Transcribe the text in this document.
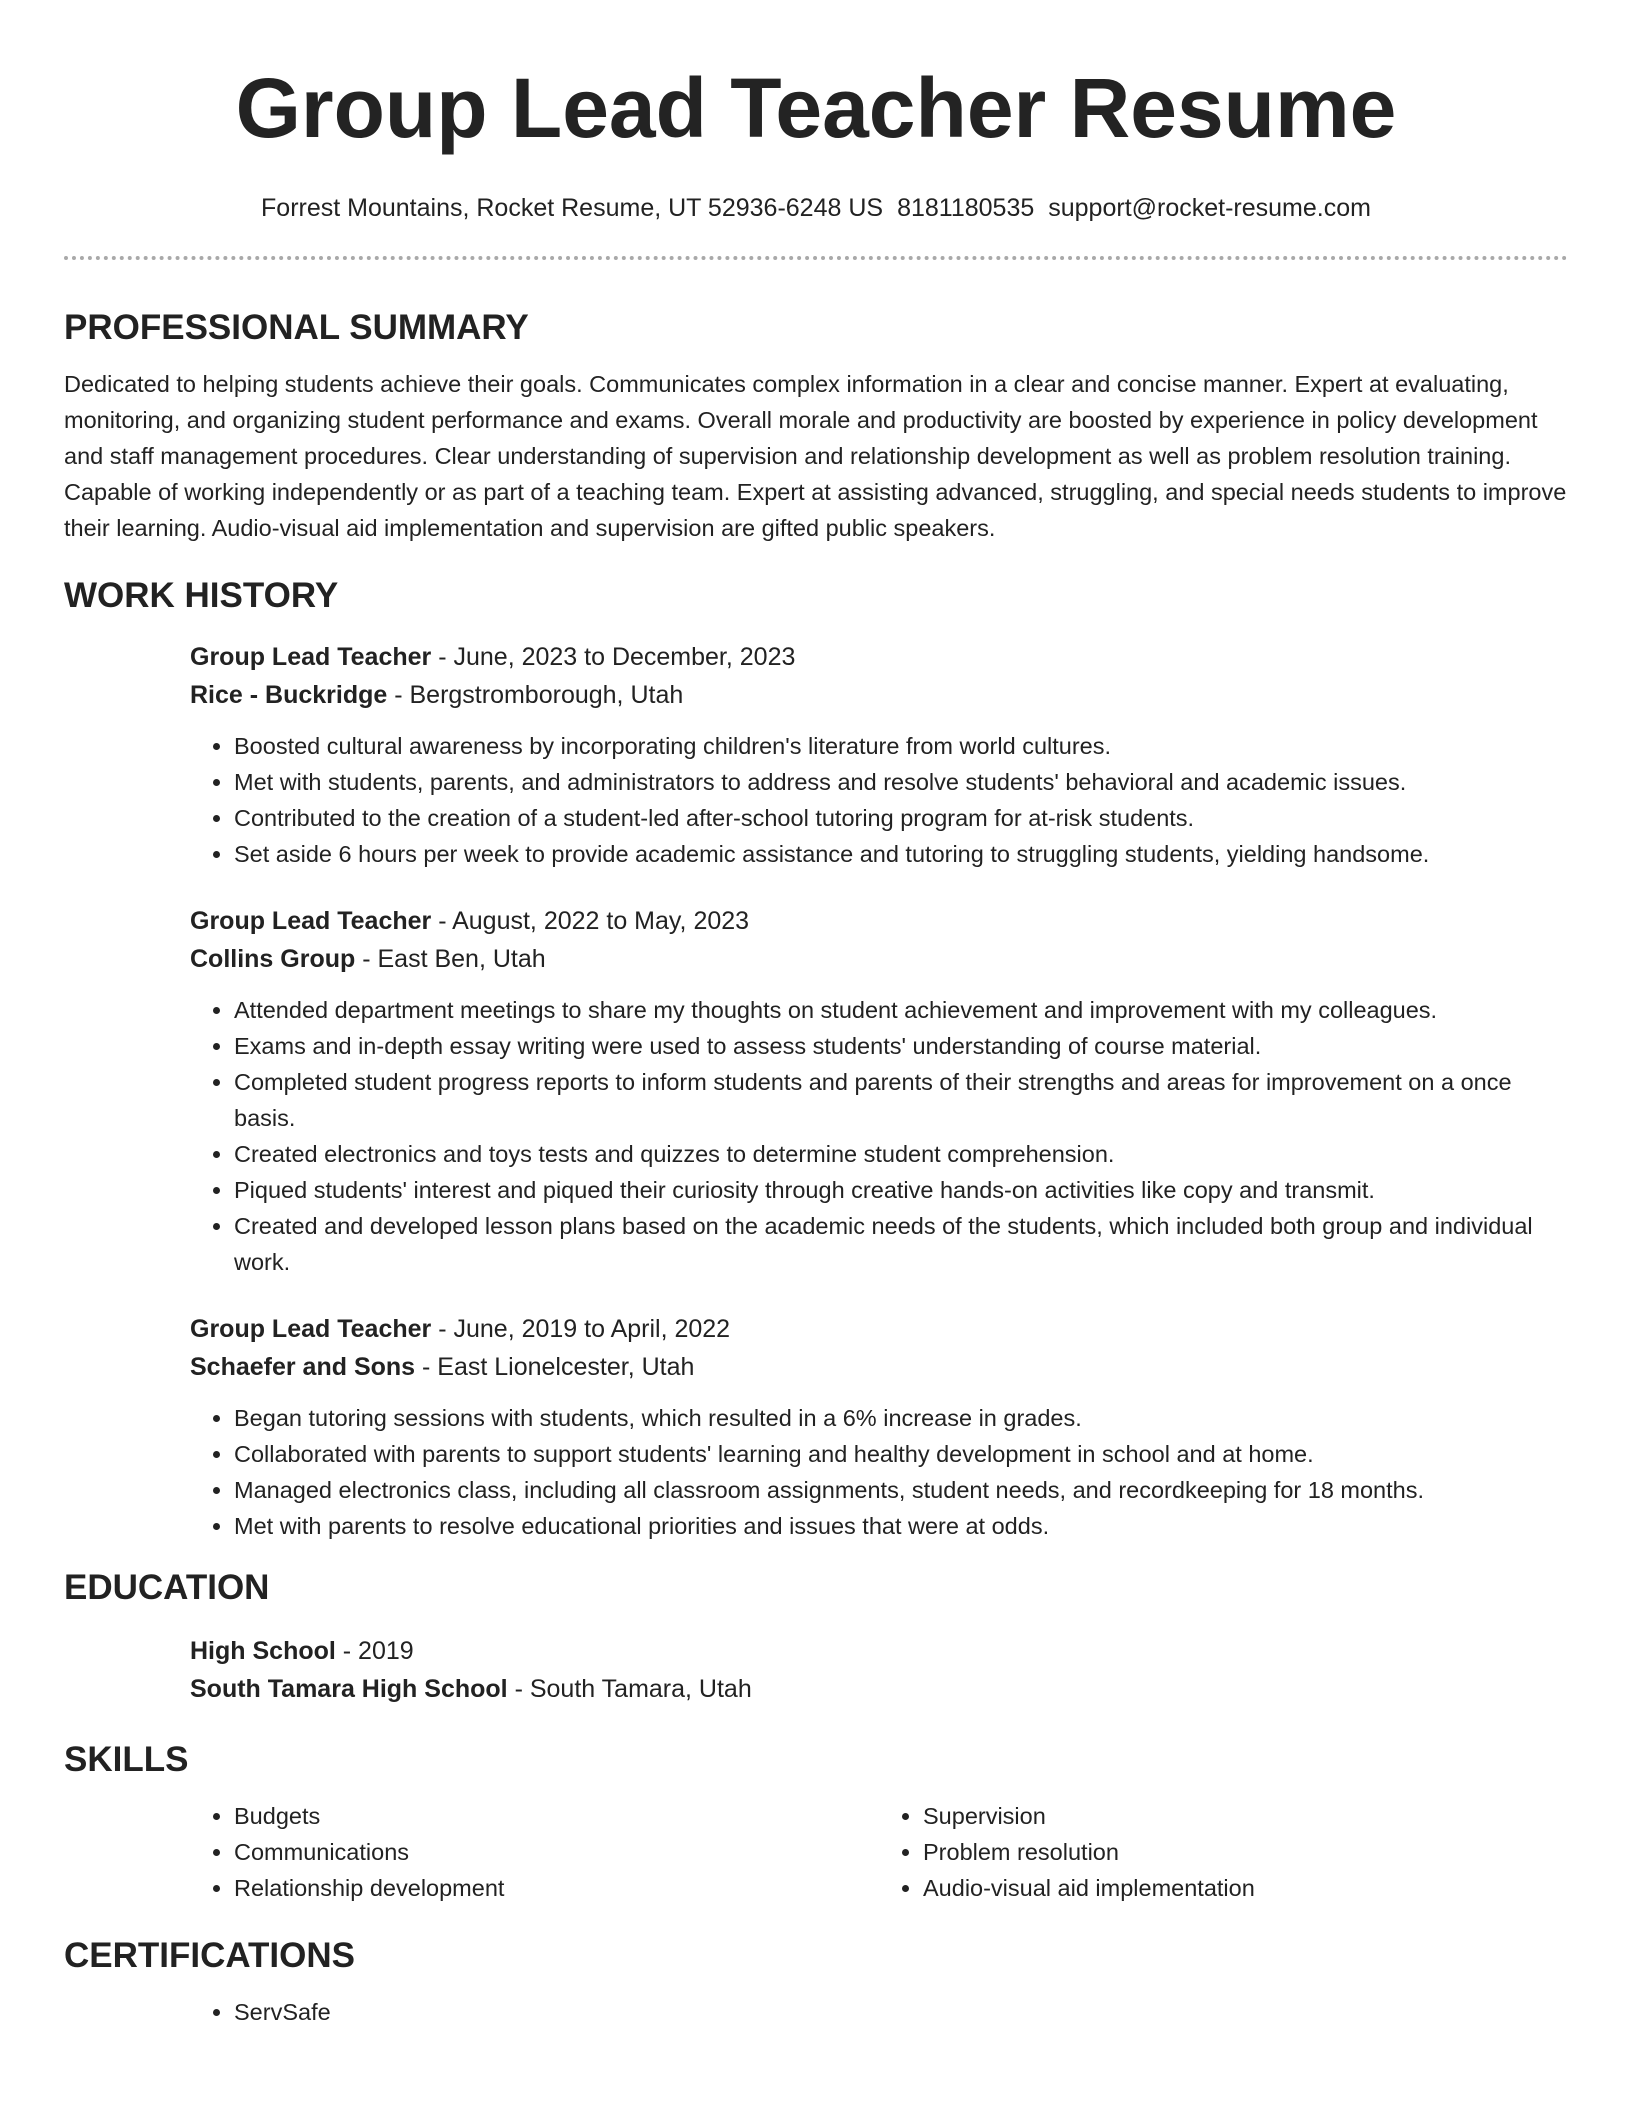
Group Lead Teacher Resume
Forrest Mountains, Rocket Resume, UT 52936-6248 US 8181180535 support@rocket-resume.com
PROFESSIONAL SUMMARY

Dedicated to helping students achieve their goals. Communicates complex information in a clear and concise manner. Expert at evaluating, monitoring, and organizing student performance and exams. Overall morale and productivity are boosted by experience in policy development and staff management procedures. Clear understanding of supervision and relationship development as well as problem resolution training. Capable of working independently or as part of a teaching team. Expert at assisting advanced, struggling, and special needs students to improve their learning. Audio-visual aid implementation and supervision are gifted public speakers.

WORK HISTORY
Group Lead Teacher - June, 2023 to December, 2023
Rice - Buckridge - Bergstromborough, Utah
• Boosted cultural awareness by incorporating children's literature from world cultures.
• Met with students, parents, and administrators to address and resolve students' behavioral and academic issues.
• Contributed to the creation of a student-led after-school tutoring program for at-risk students.
• Set aside 6 hours per week to provide academic assistance and tutoring to struggling students, yielding handsome.
Group Lead Teacher - August, 2022 to May, 2023
Collins Group - East Ben, Utah
• Attended department meetings to share my thoughts on student achievement and improvement with my colleagues.
• Exams and in-depth essay writing were used to assess students' understanding of course material.
• Completed student progress reports to inform students and parents of their strengths and areas for improvement on a once basis.
• Created electronics and toys tests and quizzes to determine student comprehension.
• Piqued students' interest and piqued their curiosity through creative hands-on activities like copy and transmit.
• Created and developed lesson plans based on the academic needs of the students, which included both group and individual work.
Group Lead Teacher - June, 2019 to April, 2022
Schaefer and Sons - East Lionelcester, Utah
• Began tutoring sessions with students, which resulted in a 6% increase in grades.
• Collaborated with parents to support students' learning and healthy development in school and at home.
• Managed electronics class, including all classroom assignments, student needs, and recordkeeping for 18 months.
• Met with parents to resolve educational priorities and issues that were at odds.
EDUCATION
High School - 2019
South Tamara High School - South Tamara, Utah
SKILLS
• Budgets
• Communications
• Relationship development
• Supervision
• Problem resolution
• Audio-visual aid implementation
CERTIFICATIONS
• ServSafe
